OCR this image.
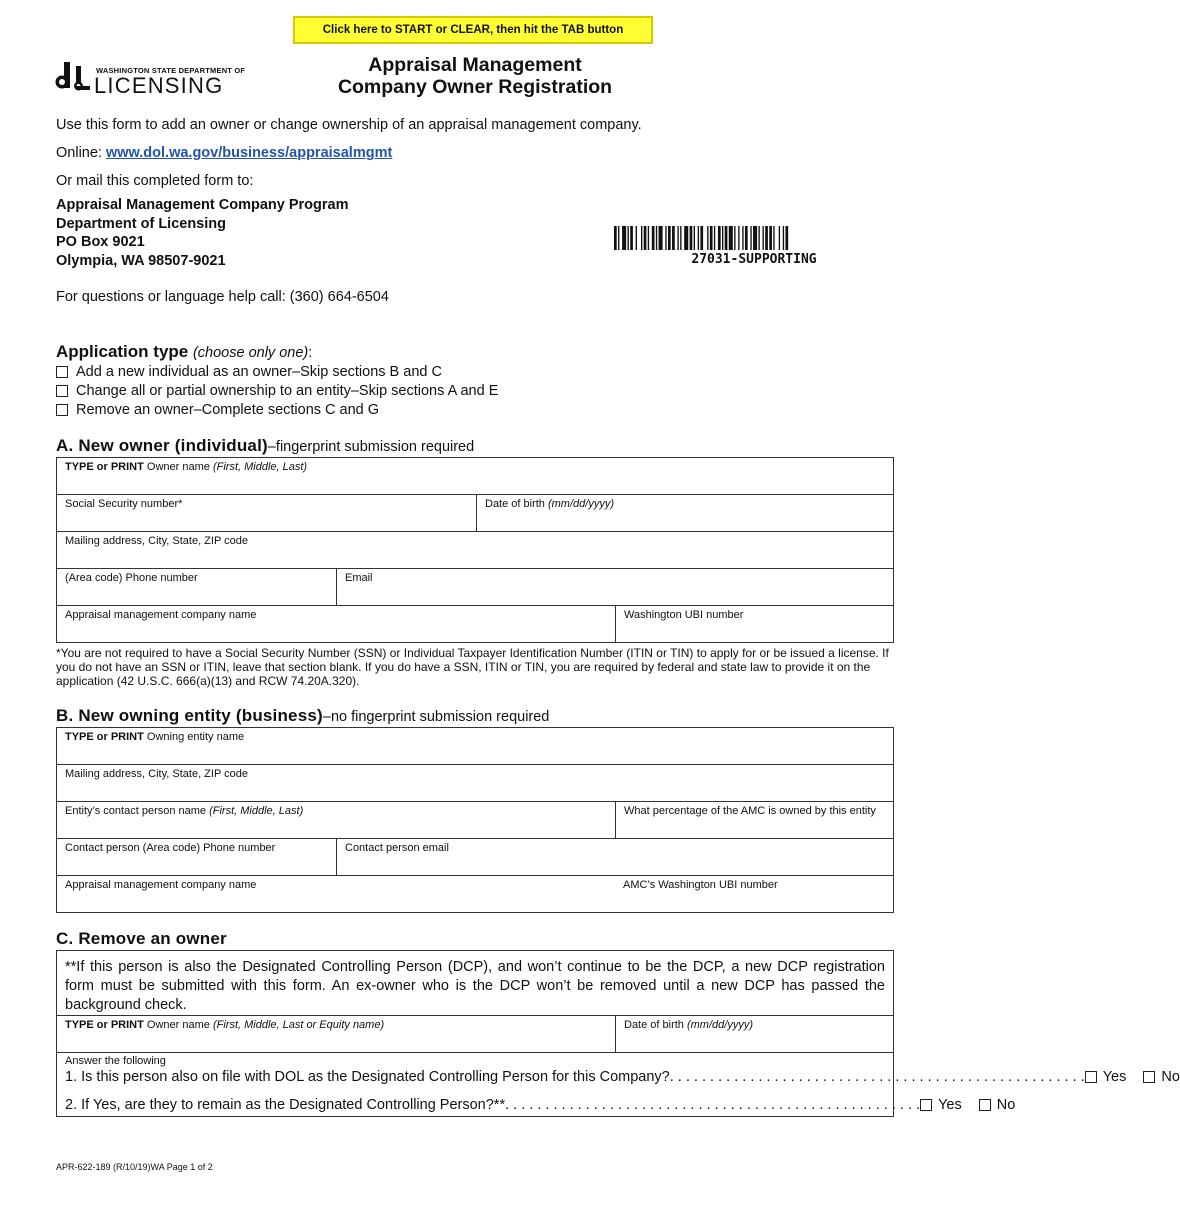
Click here to START or CLEAR, then hit the TAB button
WASHINGTON STATE DEPARTMENT OF
LICENSING
Appraisal Management
Company Owner Registration
Use this form to add an owner or change ownership of an appraisal management company.
Online: www.dol.wa.gov/business/appraisalmgmt
Or mail this completed form to:
Appraisal Management Company Program
Department of Licensing
PO Box 9021
Olympia, WA 98507-9021	27031-SUPPORTING
For questions or language help call: (360) 664-6504
Application type (choose only one):
Add a new individual as an owner–Skip sections B and C
Change all or partial ownership to an entity–Skip sections A and E
Remove an owner–Complete sections C and G
A. New owner (individual)–fingerprint submission required
TYPE or PRINT Owner name (First, Middle, Last)
Social Security number*	Date of birth (mm/dd/yyyy)
Mailing address, City, State, ZIP code
(Area code) Phone number	Email
Appraisal management company name	Washington UBI number
*You are not required to have a Social Security Number (SSN) or Individual Taxpayer Identification Number (ITIN or TIN) to apply for or be issued a license. If you do not have an SSN or ITIN, leave that section blank. If you do have a SSN, ITIN or TIN, you are required by federal and state law to provide it on the application (42 U.S.C. 666(a)(13) and RCW 74.20A.320).
B. New owning entity (business)–no fingerprint submission required
TYPE or PRINT Owning entity name
Mailing address, City, State, ZIP code
Entity’s contact person name (First, Middle, Last)	What percentage of the AMC is owned by this entity
Contact person (Area code) Phone number	Contact person email
Appraisal management company name	AMC’s Washington UBI number
C. Remove an owner
**If this person is also the Designated Controlling Person (DCP), and won’t continue to be the DCP, a new DCP registration form must be submitted with this form. An ex-owner who is the DCP won’t be removed until a new DCP has passed the background check.
TYPE or PRINT Owner name (First, Middle, Last or Equity name)	Date of birth (mm/dd/yyyy)
Answer the following
1. Is this person also on file with DOL as the Designated Controlling Person for this Company? . . . . . . . . . . . . . . . . . . . . . . . . . . . . . . . . . . . . . . . . . . . . . . . . . . . . Yes No
2. If Yes, are they to remain as the Designated Controlling Person?** . . . . . . . . . . . . . . . . . . . . . . . . . . . . . . . . . . . . . . . . . . . . . . . . . . . . Yes No
APR-622-189 (R/10/19)WA Page 1 of 2
